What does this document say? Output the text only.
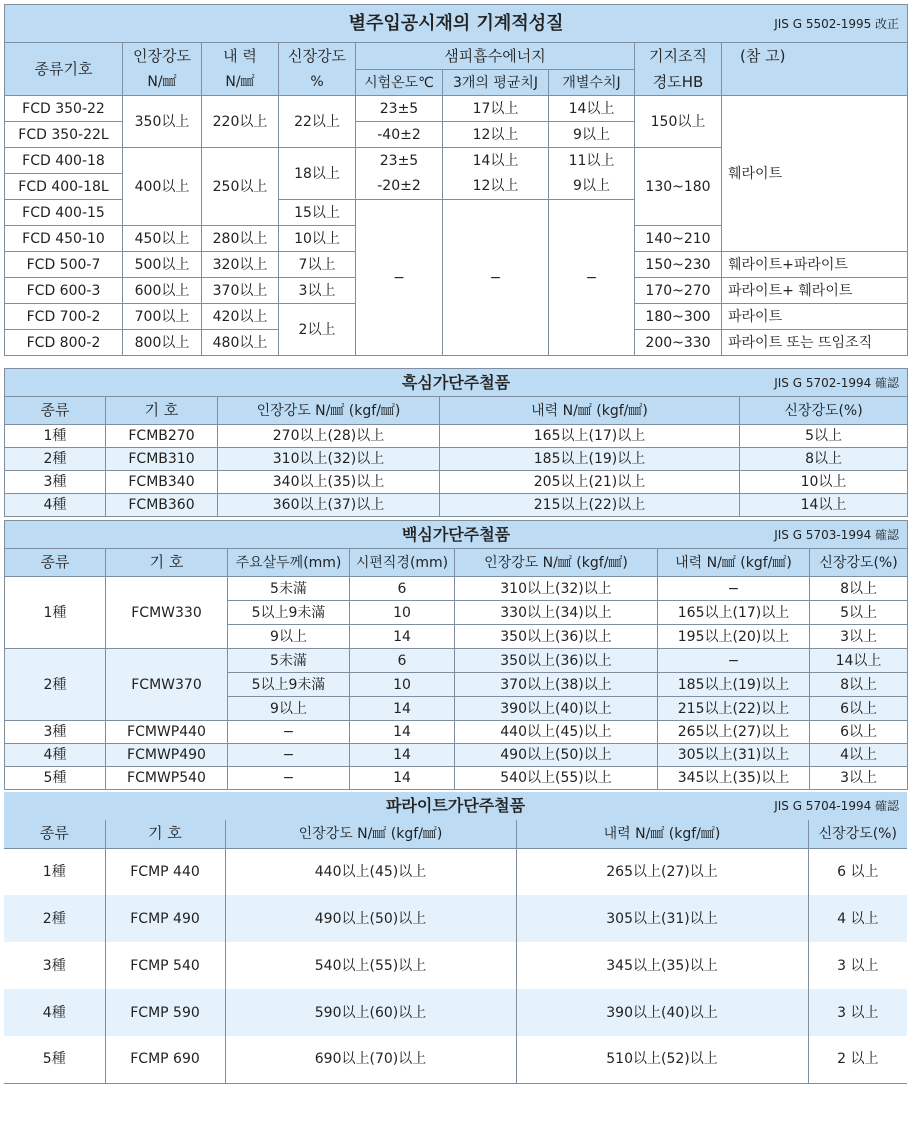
별주입공시재의 기계적성질 JIS G 5502-1995 改正								

종류기호	인장강도	내 력	신장강도	샘피흡수에너지			기지조직	(참 고)
	N/㎟	N/㎟	%	시험온도℃	3개의 평균치J	개별수치J	경도HB	
FCD 350-22	350以上	220以上	22以上	23±5	17以上	14以上	150以上	훼라이트
FCD 350-22L				-40±2	12以上	9以上		
FCD 400-18	400以上	250以上	18以上	23±5	14以上	11以上	130~180	
FCD 400-18L				-20±2	12以上	9以上		
FCD 400-15			15以上	−	−	−		
FCD 450-10	450以上	280以上	10以上				140~210	
FCD 500-7	500以上	320以上	7以上				150~230	훼라이트+파라이트
FCD 600-3	600以上	370以上	3以上				170~270	파라이트+ 훼라이트
FCD 700-2	700以上	420以上	2以上				180~300	파라이트
FCD 800-2	800以上	480以上					200~330	파라이트 또는 뜨임조직
흑심가단주철품 JIS G 5702-1994 確認				

종류	기 호	인장강도 N/㎟ (kgf/㎟)	내력 N/㎟ (kgf/㎟)	신장강도(%)
1種	FCMB270	270以上(28)以上	165以上(17)以上	5以上
2種	FCMB310	310以上(32)以上	185以上(19)以上	8以上
3種	FCMB340	340以上(35)以上	205以上(21)以上	10以上
4種	FCMB360	360以上(37)以上	215以上(22)以上	14以上
백심가단주철품 JIS G 5703-1994 確認						

종류	기 호	주요살두께(mm)	시편직경(mm)	인장강도 N/㎟ (kgf/㎟)	내력 N/㎟ (kgf/㎟)	신장강도(%)
1種	FCMW330	5未滿	6	310以上(32)以上	−	8以上
		5以上9未滿	10	330以上(34)以上	165以上(17)以上	5以上
		9以上	14	350以上(36)以上	195以上(20)以上	3以上
2種	FCMW370	5未滿	6	350以上(36)以上	−	14以上
		5以上9未滿	10	370以上(38)以上	185以上(19)以上	8以上
		9以上	14	390以上(40)以上	215以上(22)以上	6以上
3種	FCMWP440	−	14	440以上(45)以上	265以上(27)以上	6以上
4種	FCMWP490	−	14	490以上(50)以上	305以上(31)以上	4以上
5種	FCMWP540	−	14	540以上(55)以上	345以上(35)以上	3以上
파라이트가단주철품 JIS G 5704-1994 確認				

종류	기 호	인장강도 N/㎟ (kgf/㎟)	내력 N/㎟ (kgf/㎟)	신장강도(%)
1種	FCMP 440	440以上(45)以上	265以上(27)以上	6 以上
2種	FCMP 490	490以上(50)以上	305以上(31)以上	4 以上
3種	FCMP 540	540以上(55)以上	345以上(35)以上	3 以上
4種	FCMP 590	590以上(60)以上	390以上(40)以上	3 以上
5種	FCMP 690	690以上(70)以上	510以上(52)以上	2 以上
